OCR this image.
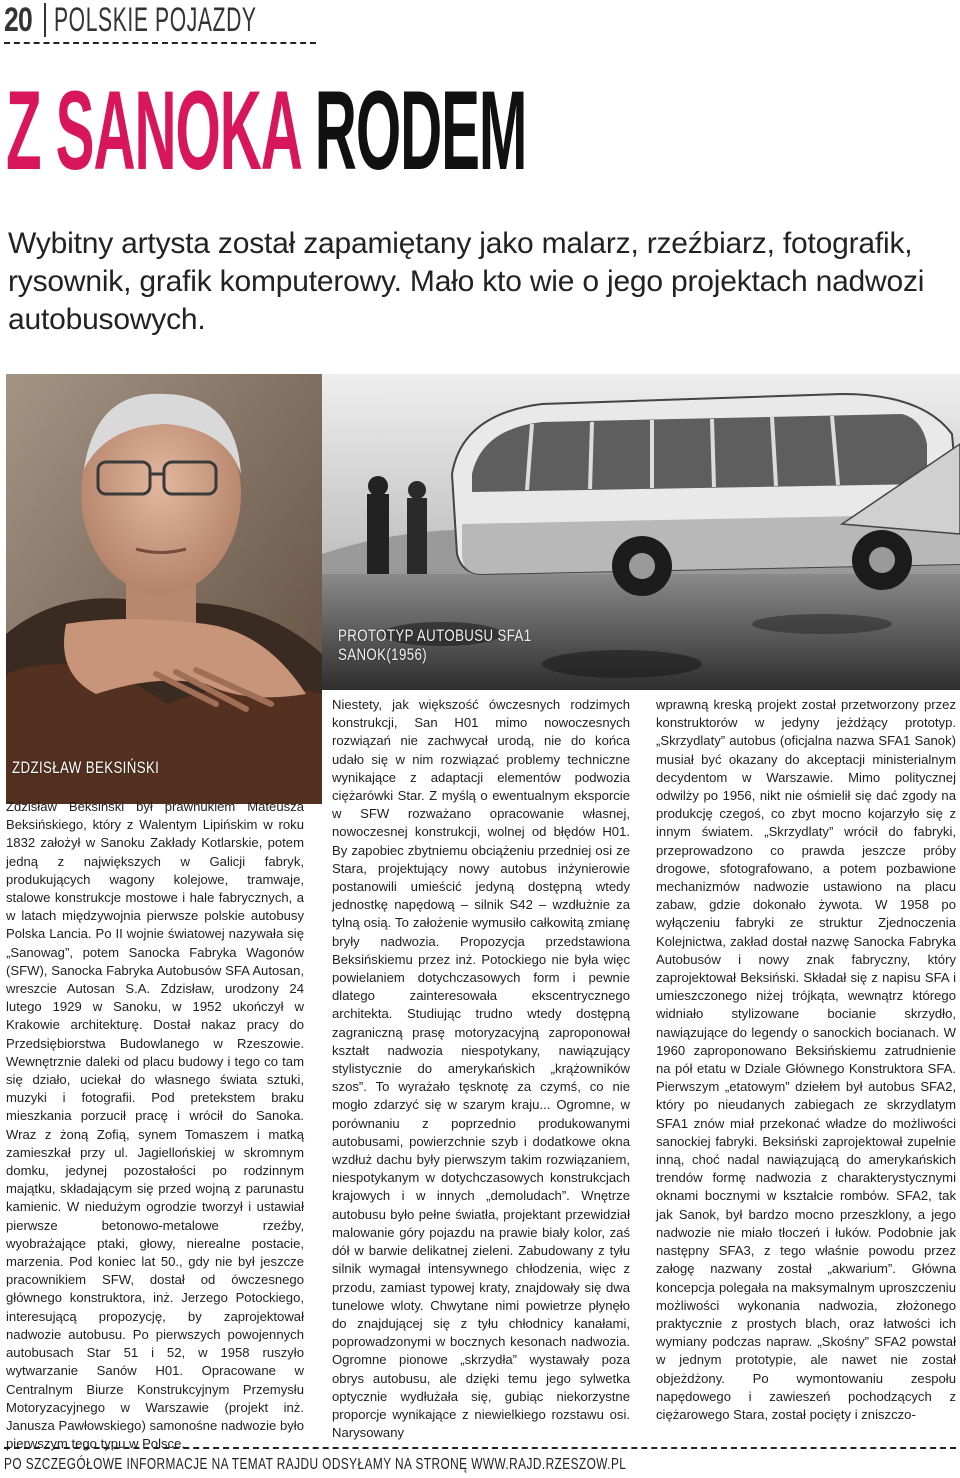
20 POLSKIE POJAZDY
Z SANOKA RODEM
Wybitny artysta został zapamiętany jako malarz, rzeźbiarz, fotografik, rysownik, grafik komputerowy. Mało kto wie o jego projektach nadwozi autobusowych.
PROTOTYP AUTOBUSU SFA1
SANOK(1956)
ZDZISŁAW BEKSIŃSKI

Zdzisław Beksiński był prawnukiem Mateusza Beksińskiego, który z Walentym Lipińskim w roku 1832 założył w Sanoku Zakłady Kotlarskie, potem jedną z największych w Galicji fabryk, produkujących wagony kolejowe, tramwaje, stalowe konstrukcje mostowe i hale fabrycznych, a w latach międzywojnia pierwsze polskie autobusy Polska Lancia. Po II wojnie światowej nazywała się „Sanowag”, potem Sanocka Fabryka Wagonów (SFW), Sanocka Fabryka Autobusów SFA Autosan, wreszcie Autosan S.A. Zdzisław, urodzony 24 lutego 1929 w Sanoku, w 1952 ukończył w Krakowie architekturę. Dostał nakaz pracy do Przedsiębiorstwa Budowlanego w Rzeszowie. Wewnętrznie daleki od placu budowy i tego co tam się działo, uciekał do własnego świata sztuki, muzyki i fotografii. Pod pretekstem braku mieszkania porzucił pracę i wrócił do Sanoka. Wraz z żoną Zofią, synem Tomaszem i matką zamieszkał przy ul. Jagiellońskiej w skromnym domku, jedynej pozostałości po rodzinnym majątku, składającym się przed wojną z parunastu kamienic. W niedużym ogrodzie tworzył i ustawiał pierwsze betonowo-metalowe rzeźby, wyobrażające ptaki, głowy, nierealne postacie, marzenia. Pod koniec lat 50., gdy nie był jeszcze pracownikiem SFW, dostał od ówczesnego głównego konstruktora, inż. Jerzego Potockiego, interesującą propozycję, by zaprojektował nadwozie autobusu. Po pierwszych powojennych autobusach Star 51 i 52, w 1958 ruszyło wytwarzanie Sanów H01. Opracowane w Centralnym Biurze Konstrukcyjnym Przemysłu Motoryzacyjnego w Warszawie (projekt inż. Janusza Pawłowskiego) samonośne nadwozie było pierwszym tego typu w Polsce.

Niestety, jak większość ówczesnych rodzimych konstrukcji, San H01 mimo nowoczesnych rozwiązań nie zachwycał urodą, nie do końca udało się w nim rozwiązać problemy techniczne wynikające z adaptacji elementów podwozia ciężarówki Star. Z myślą o ewentualnym eksporcie w SFW rozważano opracowanie własnej, nowoczesnej konstrukcji, wolnej od błędów H01. By zapobiec zbytniemu obciążeniu przedniej osi ze Stara, projektujący nowy autobus inżynierowie postanowili umieścić jedyną dostępną wtedy jednostkę napędową – silnik S42 – wzdłużnie za tylną osią. To założenie wymusiło całkowitą zmianę bryły nadwozia. Propozycja przedstawiona Beksińskiemu przez inż. Potockiego nie była więc powielaniem dotychczasowych form i pewnie dlatego zainteresowała ekscentrycznego architekta. Studiując trudno wtedy dostępną zagraniczną prasę motoryzacyjną zaproponował kształt nadwozia niespotykany, nawiązujący stylistycznie do amerykańskich „krążowników szos”. To wyrażało tęsknotę za czymś, co nie mogło zdarzyć się w szarym kraju... Ogromne, w porównaniu z poprzednio produkowanymi autobusami, powierzchnie szyb i dodatkowe okna wzdłuż dachu były pierwszym takim rozwiązaniem, niespotykanym w dotychczasowych konstrukcjach krajowych i w innych „demoludach”. Wnętrze autobusu było pełne światła, projektant przewidział malowanie góry pojazdu na prawie biały kolor, zaś dół w barwie delikatnej zieleni. Zabudowany z tyłu silnik wymagał intensywnego chłodzenia, więc z przodu, zamiast typowej kraty, znajdowały się dwa tunelowe wloty. Chwytane nimi powietrze płynęło do znajdującej się z tyłu chłodnicy kanałami, poprowadzonymi w bocznych kesonach nadwozia. Ogromne pionowe „skrzydła” wystawały poza obrys autobusu, ale dzięki temu jego sylwetka optycznie wydłużała się, gubiąc niekorzystne proporcje wynikające z niewielkiego rozstawu osi. Narysowany

wprawną kreską projekt został przetworzony przez konstruktorów w jedyny jeżdżący prototyp. „Skrzydlaty” autobus (oficjalna nazwa SFA1 Sanok) musiał być okazany do akceptacji ministerialnym decydentom w Warszawie. Mimo politycznej odwilży po 1956, nikt nie ośmielił się dać zgody na produkcję czegoś, co zbyt mocno kojarzyło się z innym światem. „Skrzydlaty” wrócił do fabryki, przeprowadzono co prawda jeszcze próby drogowe, sfotografowano, a potem pozbawione mechanizmów nadwozie ustawiono na placu zabaw, gdzie dokonało żywota. W 1958 po wyłączeniu fabryki ze struktur Zjednoczenia Kolejnictwa, zakład dostał nazwę Sanocka Fabryka Autobusów i nowy znak fabryczny, który zaprojektował Beksiński. Składał się z napisu SFA i umieszczonego niżej trójkąta, wewnątrz którego widniało stylizowane bocianie skrzydło, nawiązujące do legendy o sanockich bocianach. W 1960 zaproponowano Beksińskiemu zatrudnienie na pół etatu w Dziale Głównego Konstruktora SFA. Pierwszym „etatowym” dziełem był autobus SFA2, który po nieudanych zabiegach ze skrzydlatym SFA1 znów miał przekonać władze do możliwości sanockiej fabryki. Beksiński zaprojektował zupełnie inną, choć nadal nawiązującą do amerykańskich trendów formę nadwozia z charakterystycznymi oknami bocznymi w kształcie rombów. SFA2, tak jak Sanok, był bardzo mocno przeszklony, a jego nadwozie nie miało tłoczeń i łuków. Podobnie jak następny SFA3, z tego właśnie powodu przez załogę nazwany został „akwarium”. Główna koncepcja polegała na maksymalnym uproszczeniu możliwości wykonania nadwozia, złożonego praktycznie z prostych blach, oraz łatwości ich wymiany podczas napraw. „Skośny” SFA2 powstał w jednym prototypie, ale nawet nie został objeżdżony. Po wymontowaniu zespołu napędowego i zawieszeń pochodzących z ciężarowego Stara, został pocięty i zniszczo-

PO SZCZEGÓŁOWE INFORMACJE NA TEMAT RAJDU ODSYŁAMY NA STRONĘ WWW.RAJD.RZESZOW.PL
